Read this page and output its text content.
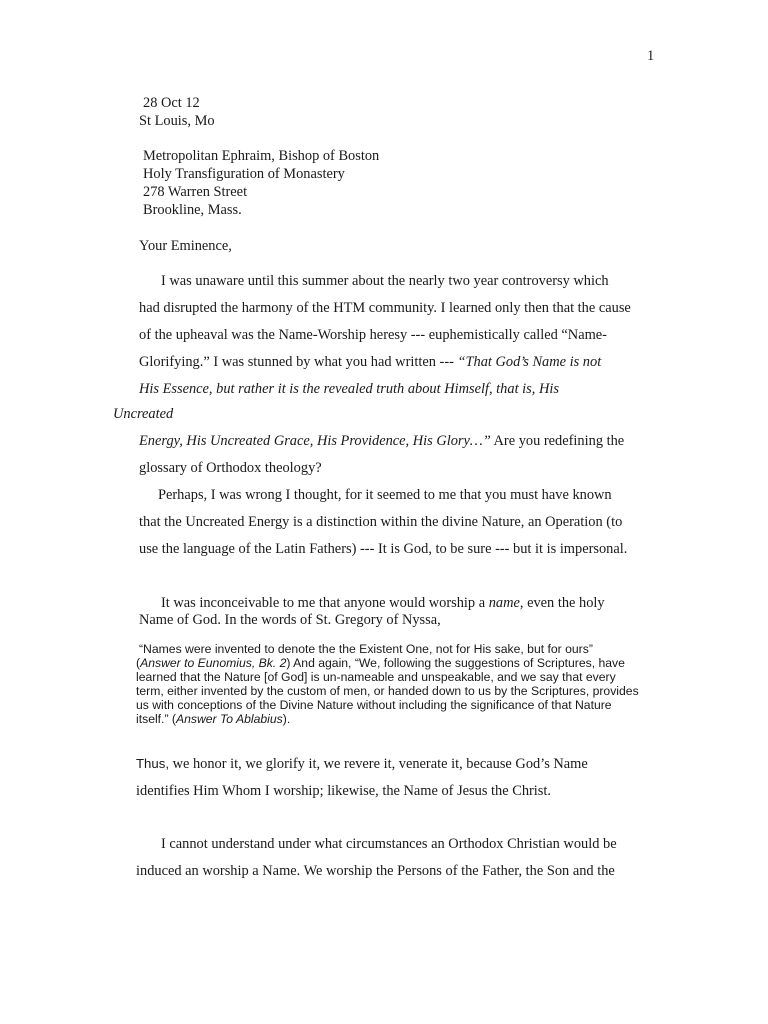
1

28 Oct 12

St Louis, Mo

Metropolitan Ephraim, Bishop of Boston

Holy Transfiguration of Monastery

278 Warren Street

Brookline, Mass.

Your Eminence,

I was unaware until this summer about the nearly two year controversy which

had disrupted the harmony of the HTM community. I learned only then that the cause

of the upheaval was the Name-Worship heresy --- euphemistically called “Name-

Glorifying.” I was stunned by what you had written --- “That God’s Name is not

His Essence, but rather it is the revealed truth about Himself, that is, His

Uncreated

Energy, His Uncreated Grace, His Providence, His Glory…” Are you redefining the

glossary of Orthodox theology?

Perhaps, I was wrong I thought, for it seemed to me that you must have known

that the Uncreated Energy is a distinction within the divine Nature, an Operation (to

use the language of the Latin Fathers) --- It is God, to be sure --- but it is impersonal.

It was inconceivable to me that anyone would worship a name, even the holy

Name of God. In the words of St. Gregory of Nyssa,

“Names were invented to denote the the Existent One, not for His sake, but for ours”

(Answer to Eunomius, Bk. 2) And again, “We, following the suggestions of Scriptures, have

learned that the Nature [of God] is un-nameable and unspeakable, and we say that every

term, either invented by the custom of men, or handed down to us by the Scriptures, provides

us with conceptions of the Divine Nature without including the significance of that Nature

itself.” (Answer To Ablabius).

Thus, we honor it, we glorify it, we revere it, venerate it, because God’s Name

identifies Him Whom I worship; likewise, the Name of Jesus the Christ.

I cannot understand under what circumstances an Orthodox Christian would be

induced an worship a Name. We worship the Persons of the Father, the Son and the
